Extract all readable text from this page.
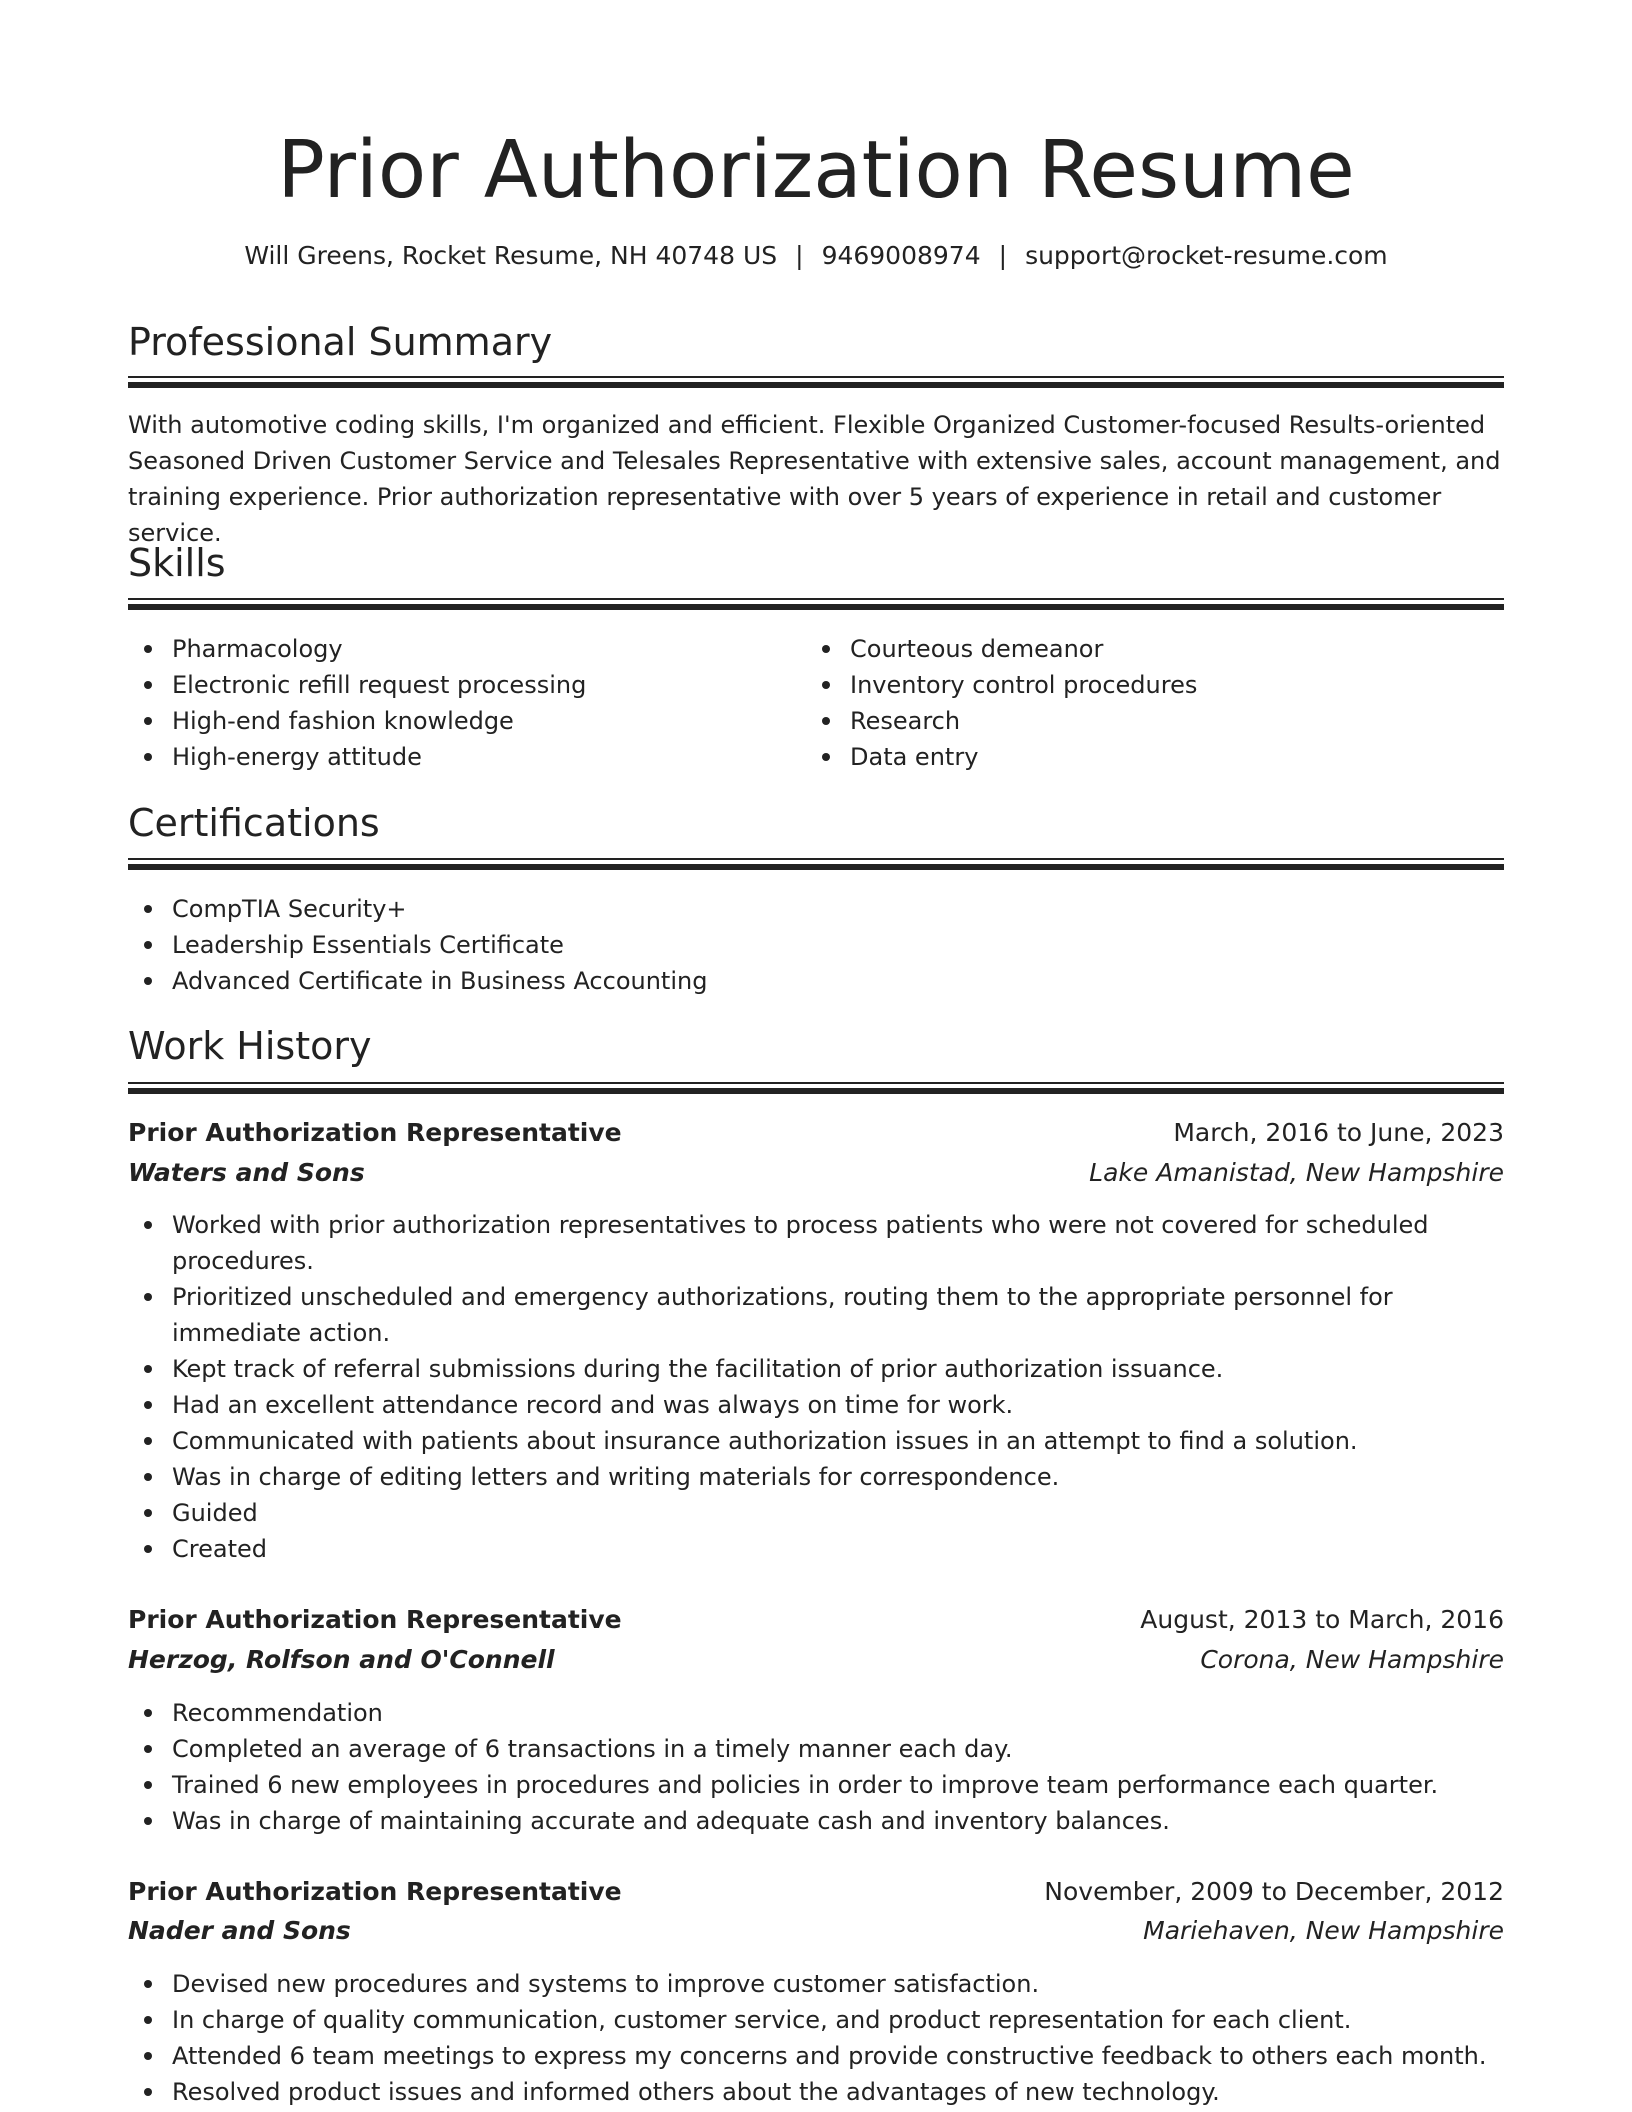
Prior Authorization Resume
Will Greens, Rocket Resume, NH 40748 US | 9469008974 | support@rocket-resume.com
Professional Summary
With automotive coding skills, I'm organized and efficient. Flexible Organized Customer-focused Results-oriented
Seasoned Driven Customer Service and Telesales Representative with extensive sales, account management, and
training experience. Prior authorization representative with over 5 years of experience in retail and customer service.
Skills
Pharmacology
Electronic refill request processing
High-end fashion knowledge
High-energy attitude
Courteous demeanor
Inventory control procedures
Research
Data entry
Certifications
CompTIA Security+
Leadership Essentials Certificate
Advanced Certificate in Business Accounting
Work History
Prior Authorization Representative	March, 2016 to June, 2023
Waters and Sons	Lake Amanistad, New Hampshire
Worked with prior authorization representatives to process patients who were not covered for scheduled procedures.
Prioritized unscheduled and emergency authorizations, routing them to the appropriate personnel for immediate action.
Kept track of referral submissions during the facilitation of prior authorization issuance.
Had an excellent attendance record and was always on time for work.
Communicated with patients about insurance authorization issues in an attempt to find a solution.
Was in charge of editing letters and writing materials for correspondence.
Guided
Created
Prior Authorization Representative	August, 2013 to March, 2016
Herzog, Rolfson and O'Connell	Corona, New Hampshire
Recommendation
Completed an average of 6 transactions in a timely manner each day.
Trained 6 new employees in procedures and policies in order to improve team performance each quarter.
Was in charge of maintaining accurate and adequate cash and inventory balances.
Prior Authorization Representative	November, 2009 to December, 2012
Nader and Sons	Mariehaven, New Hampshire
Devised new procedures and systems to improve customer satisfaction.
In charge of quality communication, customer service, and product representation for each client.
Attended 6 team meetings to express my concerns and provide constructive feedback to others each month.
Resolved product issues and informed others about the advantages of new technology.
